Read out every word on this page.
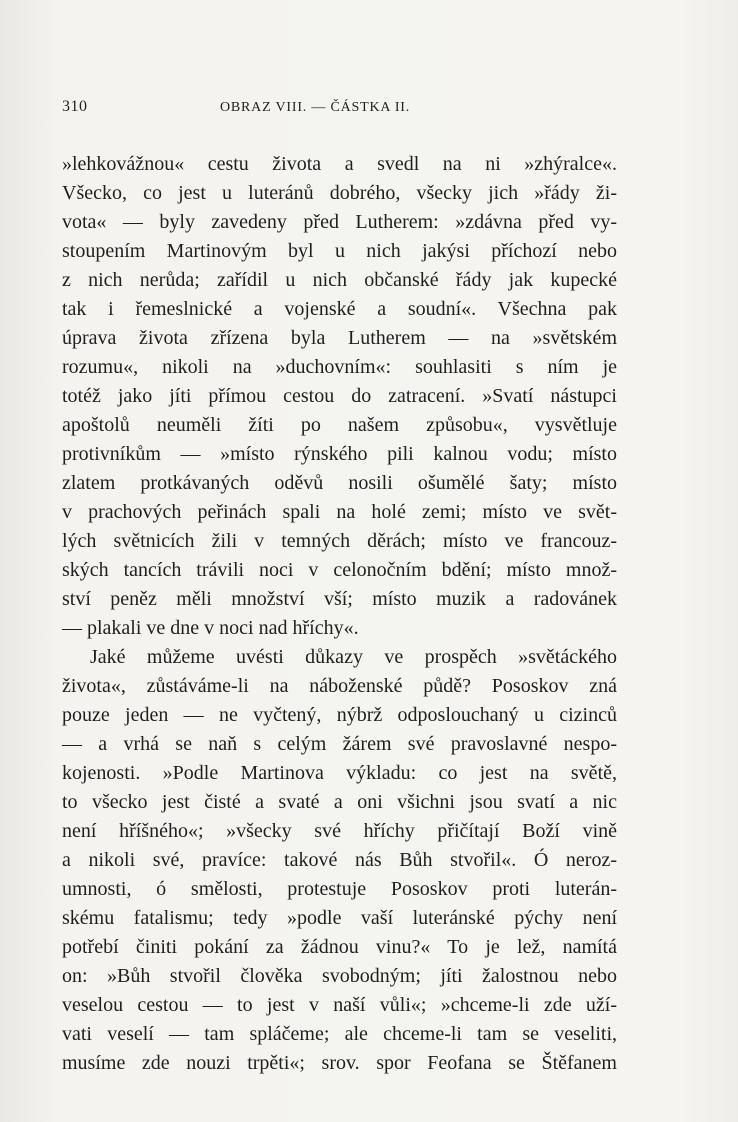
310	OBRAZ VIII. — ČÁSTKA II.
»lehkovážnou« cestu života a svedl na ni »zhýralce«.
Všecko, co jest u luteránů dobrého, všecky jich »řády ži-
vota« — byly zavedeny před Lutherem: »zdávna před vy-
stoupením Martinovým byl u nich jakýsi příchozí nebo
z nich nerůda; zařídil u nich občanské řády jak kupecké
tak i řemeslnické a vojenské a soudní«. Všechna pak
úprava života zřízena byla Lutherem — na »světském
rozumu«, nikoli na »duchovním«: souhlasiti s ním je
totéž jako jíti přímou cestou do zatracení. »Svatí nástupci
apoštolů neuměli žíti po našem způsobu«, vysvětluje
protivníkům — »místo rýnského pili kalnou vodu; místo
zlatem protkávaných oděvů nosili ošumělé šaty; místo
v prachových peřinách spali na holé zemi; místo ve svět-
lých světnicích žili v temných děrách; místo ve francouz-
ských tancích trávili noci v celonočním bdění; místo množ-
ství peněz měli množství vší; místo muzik a radovánek
— plakali ve dne v noci nad hříchy«.
Jaké můžeme uvésti důkazy ve prospěch »světáckého
života«, zůstáváme-li na náboženské půdě? Pososkov zná
pouze jeden — ne vyčtený, nýbrž odposlouchaný u cizinců
— a vrhá se naň s celým žárem své pravoslavné nespo-
kojenosti. »Podle Martinova výkladu: co jest na světě,
to všecko jest čisté a svaté a oni všichni jsou svatí a nic
není hříšného«; »všecky své hříchy přičítají Boží vině
a nikoli své, pravíce: takové nás Bůh stvořil«. Ó neroz-
umnosti, ó smělosti, protestuje Pososkov proti luterán-
skému fatalismu; tedy »podle vaší luteránské pýchy není
potřebí činiti pokání za žádnou vinu?« To je lež, namítá
on: »Bůh stvořil člověka svobodným; jíti žalostnou nebo
veselou cestou — to jest v naší vůli«; »chceme-li zde uží-
vati veselí — tam spláčeme; ale chceme-li tam se veseliti,
musíme zde nouzi trpěti«; srov. spor Feofana se Štěfanem
